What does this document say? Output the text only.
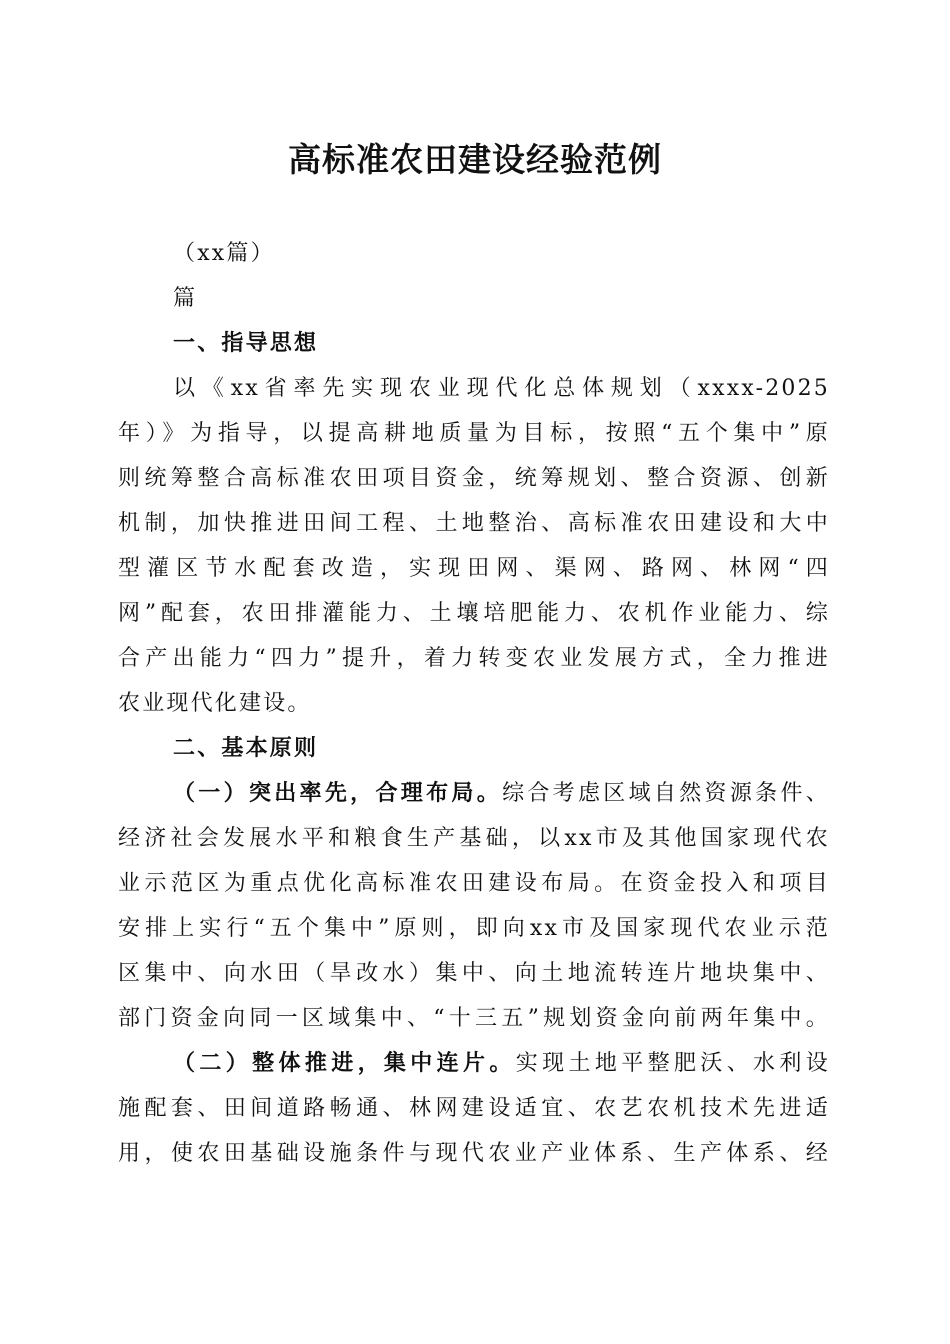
高标准农田建设经验范例

（xx篇）

篇

一、指导思想

以《xx省率先实现农业现代化总体规划（xxxx-2025

年）》为指导，以提高耕地质量为目标，按照“五个集中”原

则统筹整合高标准农田项目资金，统筹规划、整合资源、创新

机制，加快推进田间工程、土地整治、高标准农田建设和大中

型灌区节水配套改造，实现田网、渠网、路网、林网“四

网”配套，农田排灌能力、土壤培肥能力、农机作业能力、综

合产出能力“四力”提升，着力转变农业发展方式，全力推进

农业现代化建设。

二、基本原则

（一）突出率先，合理布局。综合考虑区域自然资源条件、

经济社会发展水平和粮食生产基础，以xx市及其他国家现代农

业示范区为重点优化高标准农田建设布局。在资金投入和项目

安排上实行“五个集中”原则，即向xx市及国家现代农业示范

区集中、向水田（旱改水）集中、向土地流转连片地块集中、

部门资金向同一区域集中、“十三五”规划资金向前两年集中。

（二）整体推进，集中连片。实现土地平整肥沃、水利设

施配套、田间道路畅通、林网建设适宜、农艺农机技术先进适

用，使农田基础设施条件与现代农业产业体系、生产体系、经
